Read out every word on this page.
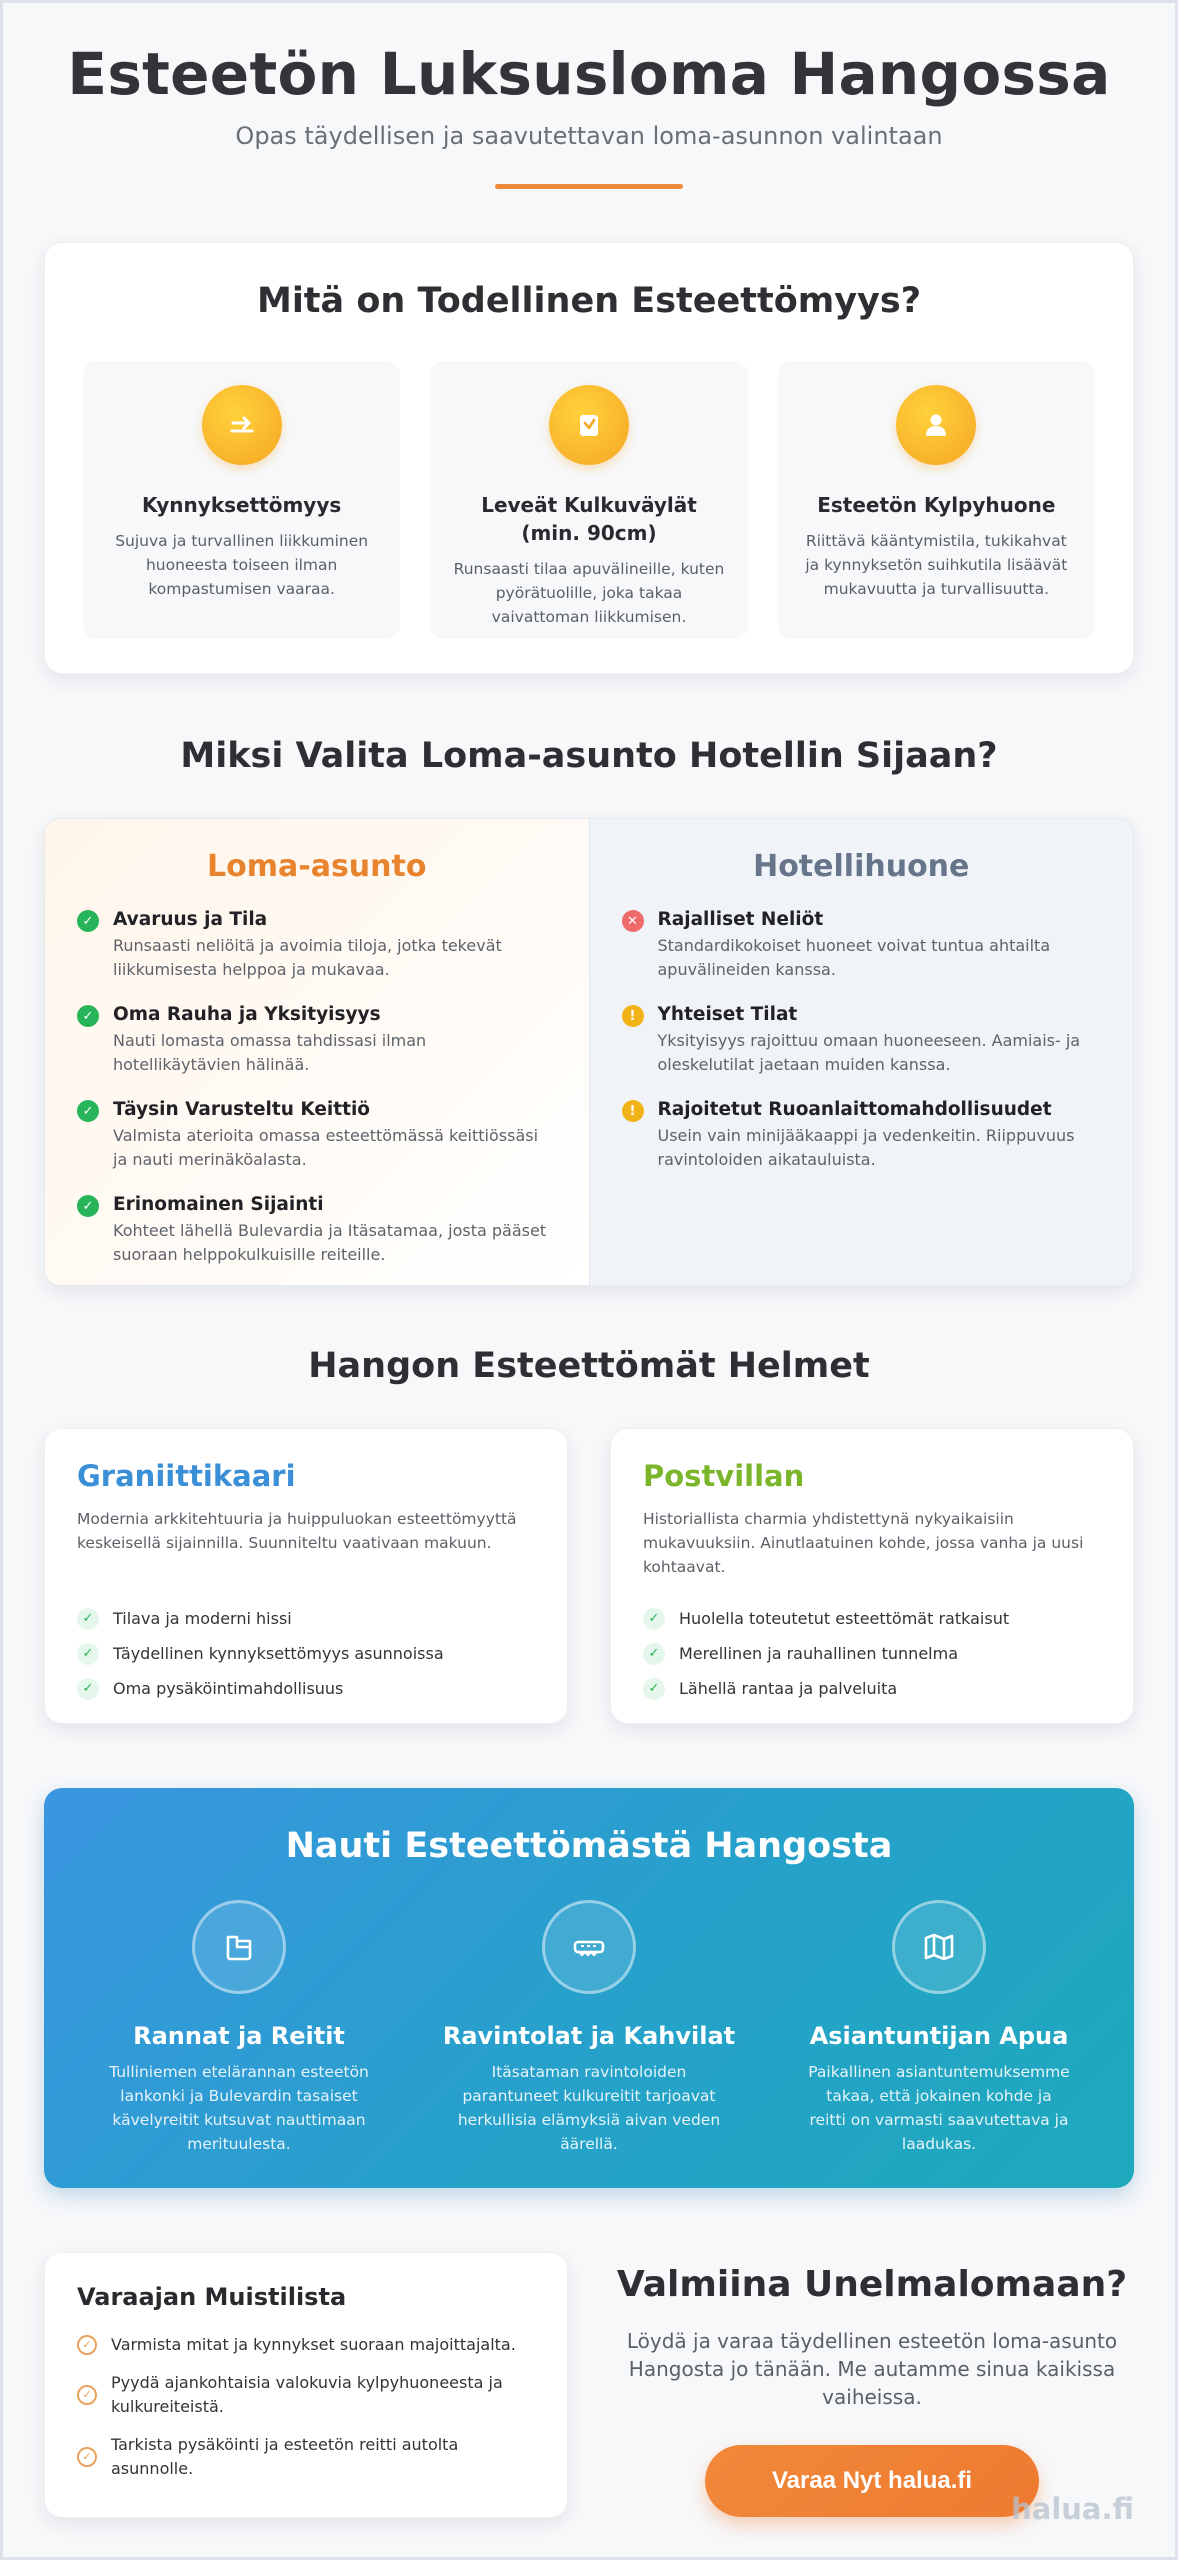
Esteetön Luksusloma Hangossa
Opas täydellisen ja saavutettavan loma-asunnon valintaan
Mitä on Todellinen Esteettömyys?
Kynnyksettömyys

Sujuva ja turvallinen liikkuminen huoneesta toiseen ilman kompastumisen vaaraa.

Leveät Kulkuväylät (min. 90cm)

Runsaasti tilaa apuvälineille, kuten pyörätuolille, joka takaa vaivattoman liikkumisen.

Esteetön Kylpyhuone

Riittävä kääntymistila, tukikahvat ja kynnyksetön suihkutila lisäävät mukavuutta ja turvallisuutta.

Miksi Valita Loma-asunto Hotellin Sijaan?
Loma-asunto
✓ Avaruus ja Tila

Runsaasti neliöitä ja avoimia tiloja, jotka tekevät liikkumisesta helppoa ja mukavaa.

✓ Oma Rauha ja Yksityisyys

Nauti lomasta omassa tahdissasi ilman hotellikäytävien hälinää.

✓ Täysin Varusteltu Keittiö

Valmista aterioita omassa esteettömässä keittiössäsi ja nauti merinäköalasta.

✓ Erinomainen Sijainti

Kohteet lähellä Bulevardia ja Itäsatamaa, josta pääset suoraan helppokulkuisille reiteille.

Hotellihuone
✕ Rajalliset Neliöt

Standardikokoiset huoneet voivat tuntua ahtailta apuvälineiden kanssa.

!	Yhteiset Tilat

Yksityisyys rajoittuu omaan huoneeseen. Aamiais- ja oleskelutilat jaetaan muiden kanssa.

!	Rajoitetut Ruoanlaittomahdollisuudet

Usein vain minijääkaappi ja vedenkeitin. Riippuvuus ravintoloiden aikatauluista.

Hangon Esteettömät Helmet
Graniittikaari

Modernia arkkitehtuuria ja huippuluokan esteettömyyttä keskeisellä sijainnilla. Suunniteltu vaativaan makuun.

✓	Tilava ja moderni hissi
✓	Täydellinen kynnyksettömyys asunnoissa
✓	Oma pysäköintimahdollisuus
Postvillan

Historiallista charmia yhdistettynä nykyaikaisiin mukavuuksiin. Ainutlaatuinen kohde, jossa vanha ja uusi kohtaavat.

✓	Huolella toteutetut esteettömät ratkaisut
✓	Merellinen ja rauhallinen tunnelma
✓	Lähellä rantaa ja palveluita
Nauti Esteettömästä Hangosta
Rannat ja Reitit

Tulliniemen etelärannan esteetön lankonki ja Bulevardin tasaiset kävelyreitit kutsuvat nauttimaan merituulesta.

Ravintolat ja Kahvilat

Itäsataman ravintoloiden parantuneet kulkureitit tarjoavat herkullisia elämyksiä aivan veden äärellä.

Asiantuntijan Apua

Paikallinen asiantuntemuksemme takaa, että jokainen kohde ja reitti on varmasti saavutettava ja laadukas.

Varaajan Muistilista
✓	Varmista mitat ja kynnykset suoraan majoittajalta.
✓
Pyydä ajankohtaisia valokuvia kylpyhuoneesta ja kulkureiteistä.
✓
Tarkista pysäköinti ja esteetön reitti autolta asunnolle.
Valmiina Unelmalomaan?

Löydä ja varaa täydellinen esteetön loma-asunto Hangosta jo tänään. Me autamme sinua kaikissa vaiheissa.

Varaa Nyt halua.fi
halua.fi
